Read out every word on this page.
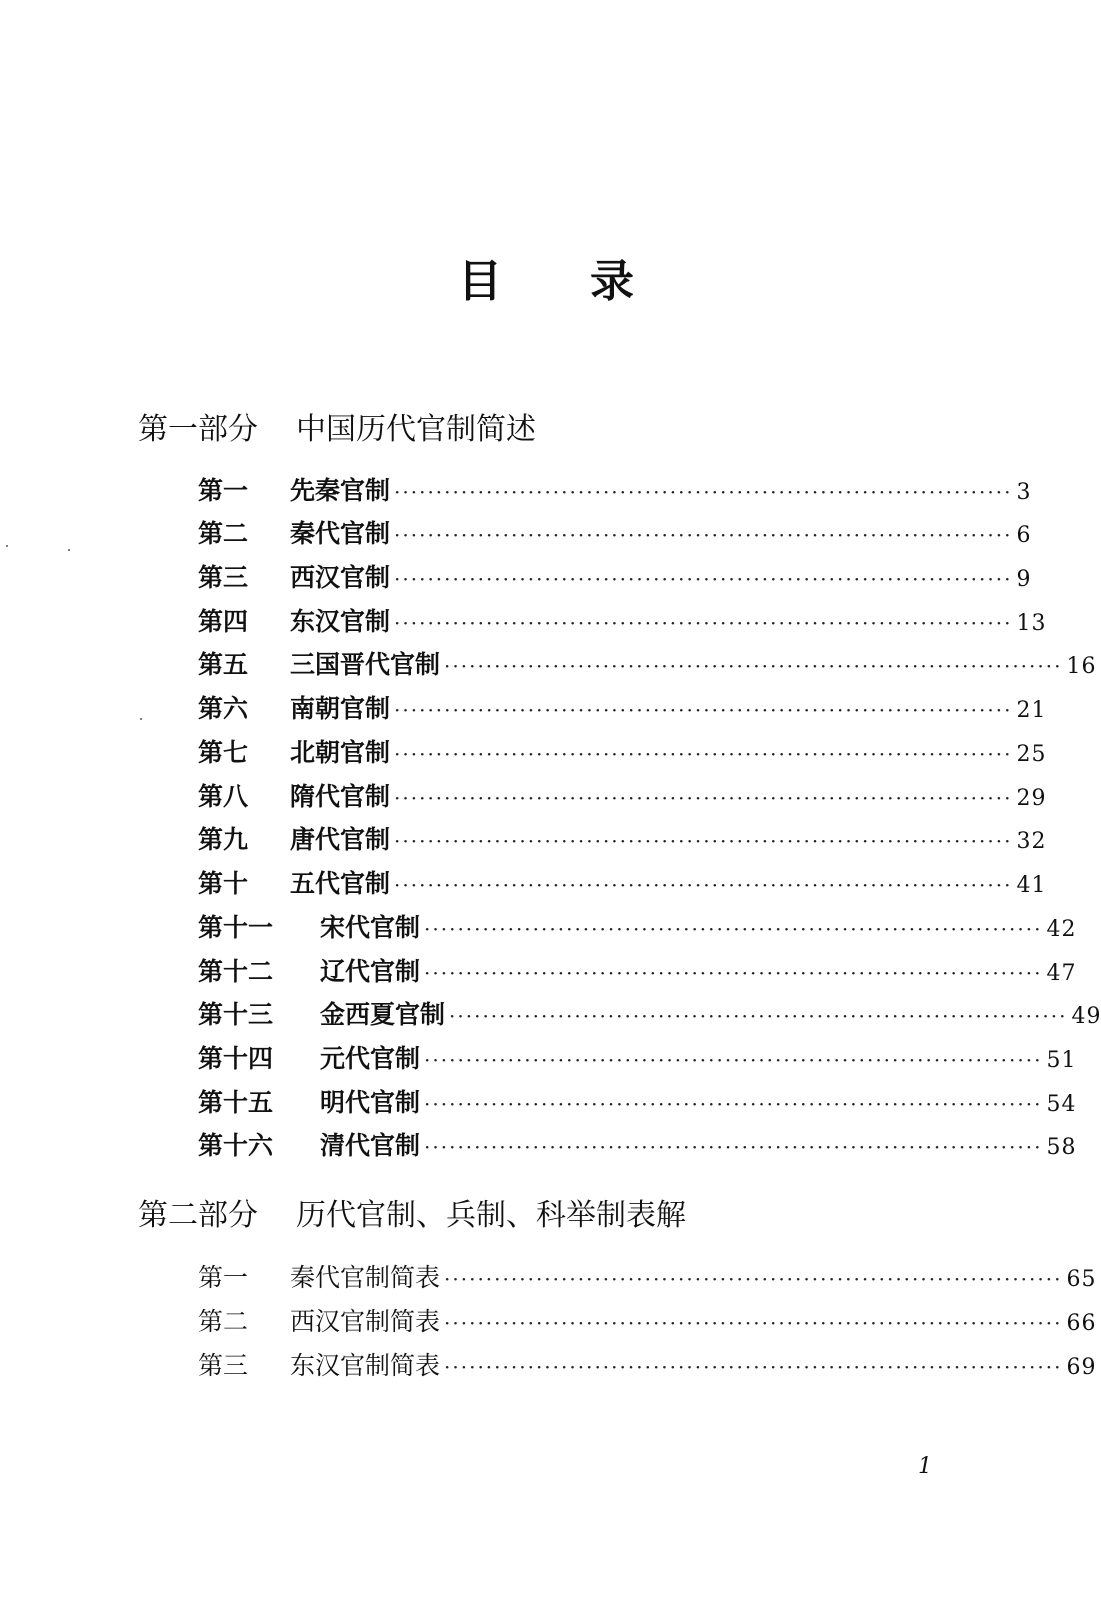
目 录
第一部分 中国历代官制简述
第一	先秦官制 ·········································································· 3
第二	秦代官制 ·········································································· 6
第三	西汉官制 ·········································································· 9
第四	东汉官制 ·········································································· 13
第五	三国晋代官制 ·········································································· 16
第六	南朝官制 ·········································································· 21
第七	北朝官制 ·········································································· 25
第八	隋代官制 ·········································································· 29
第九	唐代官制 ·········································································· 32
第十	五代官制 ·········································································· 41
第十一	宋代官制 ·········································································· 42
第十二	辽代官制 ·········································································· 47
第十三	金西夏官制 ·········································································· 49
第十四	元代官制 ·········································································· 51
第十五	明代官制 ·········································································· 54
第十六	清代官制 ·········································································· 58
第二部分 历代官制、兵制、科举制表解
第一	秦代官制简表 ·········································································· 65
第二	西汉官制简表 ·········································································· 66
第三	东汉官制简表 ·········································································· 69
1
